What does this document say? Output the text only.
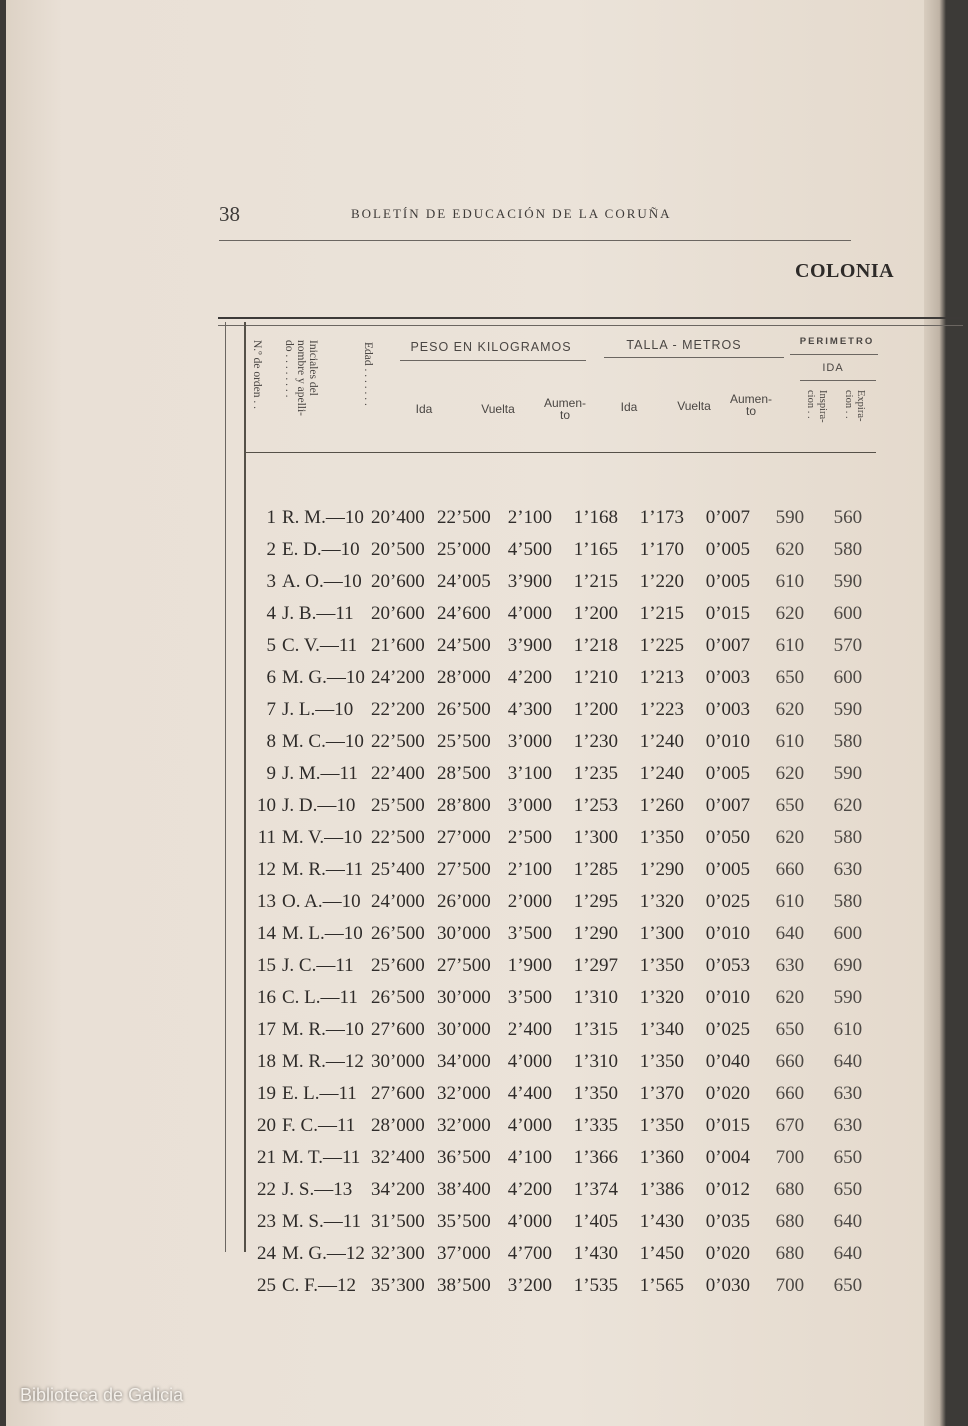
38	BOLETÍN DE EDUCACIÓN DE LA CORUÑA
COLONIA
N.º de orden . .	Iniciales del
nombre y apelli-
do . . . . . . . .	Edad . . . . . . .	PESO EN KILOGRAMOS	TALLA - METROS	PERIMETRO
IDA
Ida	Vuelta	Aumen-
to
Ida	Vuelta	Aumen-
to	Inspira-
cion . .	Expira-
cion . .
1	R. M.—10	20’400	22’500	2’100	1’168	1’173	0’007	590	560
2	E. D.—10	20’500	25’000	4’500	1’165	1’170	0’005	620	580
3	A. O.—10	20’600	24’005	3’900	1’215	1’220	0’005	610	590
4	J. B.—11	20’600	24’600	4’000	1’200	1’215	0’015	620	600
5	C. V.—11	21’600	24’500	3’900	1’218	1’225	0’007	610	570
6	M. G.—10	24’200	28’000	4’200	1’210	1’213	0’003	650	600
7	J. L.—10	22’200	26’500	4’300	1’200	1’223	0’003	620	590
8	M. C.—10	22’500	25’500	3’000	1’230	1’240	0’010	610	580
9	J. M.—11	22’400	28’500	3’100	1’235	1’240	0’005	620	590
10	J. D.—10	25’500	28’800	3’000	1’253	1’260	0’007	650	620
11	M. V.—10	22’500	27’000	2’500	1’300	1’350	0’050	620	580
12	M. R.—11	25’400	27’500	2’100	1’285	1’290	0’005	660	630
13	O. A.—10	24’000	26’000	2’000	1’295	1’320	0’025	610	580
14	M. L.—10	26’500	30’000	3’500	1’290	1’300	0’010	640	600
15	J. C.—11	25’600	27’500	1’900	1’297	1’350	0’053	630	690
16	C. L.—11	26’500	30’000	3’500	1’310	1’320	0’010	620	590
17	M. R.—10	27’600	30’000	2’400	1’315	1’340	0’025	650	610
18	M. R.—12	30’000	34’000	4’000	1’310	1’350	0’040	660	640
19	E. L.—11	27’600	32’000	4’400	1’350	1’370	0’020	660	630
20	F. C.—11	28’000	32’000	4’000	1’335	1’350	0’015	670	630
21	M. T.—11	32’400	36’500	4’100	1’366	1’360	0’004	700	650
22	J. S.—13	34’200	38’400	4’200	1’374	1’386	0’012	680	650
23	M. S.—11	31’500	35’500	4’000	1’405	1’430	0’035	680	640
24	M. G.—12	32’300	37’000	4’700	1’430	1’450	0’020	680	640
25	C. F.—12	35’300	38’500	3’200	1’535	1’565	0’030	700	650
Biblioteca de Galicia
